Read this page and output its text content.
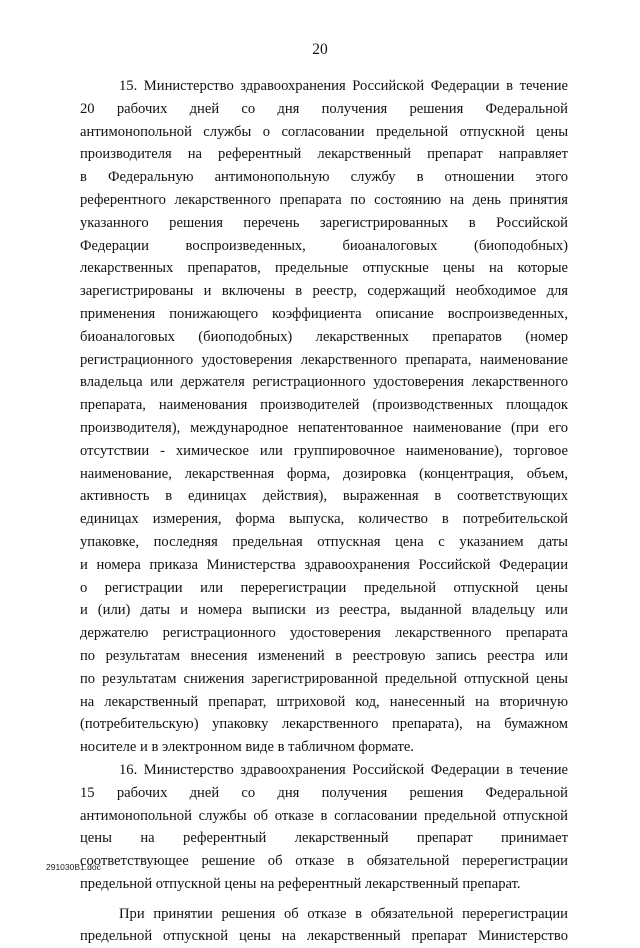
20
15. Министерство здравоохранения Российской Федерации в течение
20 рабочих дней со дня получения решения Федеральной
антимонопольной службы о согласовании предельной отпускной цены
производителя на референтный лекарственный препарат направляет
в Федеральную антимонопольную службу в отношении этого
референтного лекарственного препарата по состоянию на день принятия
указанного решения перечень зарегистрированных в Российской
Федерации воспроизведенных, биоаналоговых (биоподобных)
лекарственных препаратов, предельные отпускные цены на которые
зарегистрированы и включены в реестр, содержащий необходимое для
применения понижающего коэффициента описание воспроизведенных,
биоаналоговых (биоподобных) лекарственных препаратов (номер
регистрационного удостоверения лекарственного препарата, наименование
владельца или держателя регистрационного удостоверения лекарственного
препарата, наименования производителей (производственных площадок
производителя), международное непатентованное наименование (при его
отсутствии - химическое или группировочное наименование), торговое
наименование, лекарственная форма, дозировка (концентрация, объем,
активность в единицах действия), выраженная в соответствующих
единицах измерения, форма выпуска, количество в потребительской
упаковке, последняя предельная отпускная цена с указанием даты
и номера приказа Министерства здравоохранения Российской Федерации
о регистрации или перерегистрации предельной отпускной цены
и (или) даты и номера выписки из реестра, выданной владельцу или
держателю регистрационного удостоверения лекарственного препарата
по результатам внесения изменений в реестровую запись реестра или
по результатам снижения зарегистрированной предельной отпускной цены
на лекарственный препарат, штриховой код, нанесенный на вторичную
(потребительскую) упаковку лекарственного препарата), на бумажном
носителе и в электронном виде в табличном формате.
16. Министерство здравоохранения Российской Федерации в течение
15 рабочих дней со дня получения решения Федеральной
антимонопольной службы об отказе в согласовании предельной отпускной
цены на референтный лекарственный препарат принимает
соответствующее решение об отказе в обязательной перерегистрации
предельной отпускной цены на референтный лекарственный препарат.
При принятии решения об отказе в обязательной перерегистрации
предельной отпускной цены на лекарственный препарат Министерство
291030B1.doc
